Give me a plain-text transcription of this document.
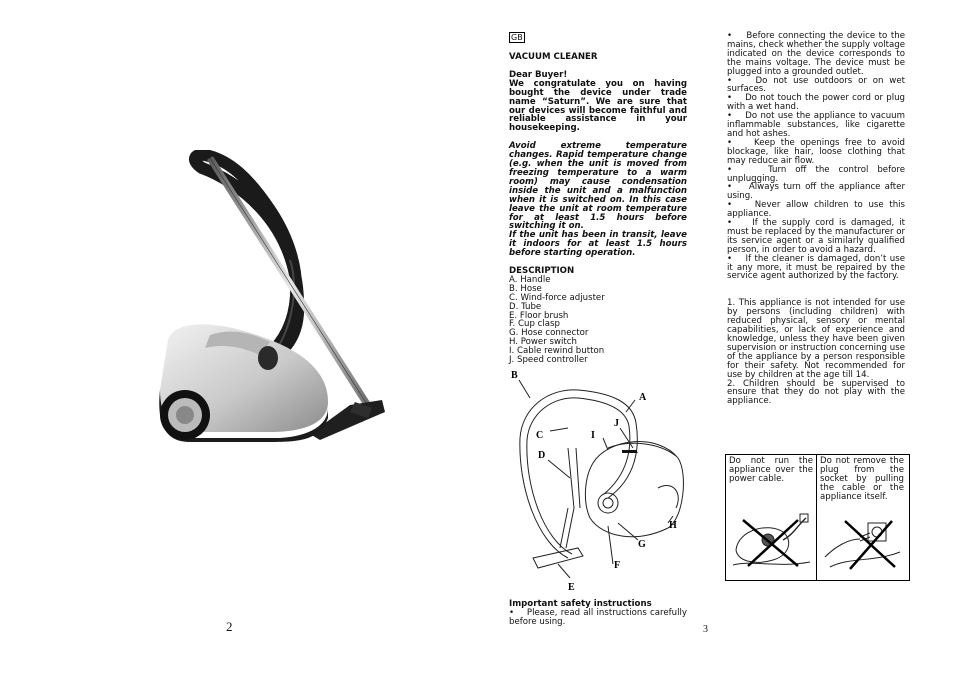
2
GB

VACUUM CLEANER

Dear Buyer!

We congratulate you on having bought the device under trade name “Saturn”. We are sure that our devices will become faithful and reliable assistance in your housekeeping.

Avoid extreme temperature changes. Rapid temperature change (e.g. when the unit is moved from freezing temperature to a warm room) may cause condensation inside the unit and a malfunction when it is switched on. In this case leave the unit at room temperature for at least 1.5 hours before switching it on.

If the unit has been in transit, leave it indoors for at least 1.5 hours before starting operation.

DESCRIPTION

A. Handle

B. Hose

C. Wind-force adjuster

D. Tube

E. Floor brush

F. Cup clasp

G. Hose connector

H. Power switch

I. Cable rewind button

J. Speed controller

B
A
C	I
J
D
H
G
F
E

Important safety instructions

•    Please, read all instructions carefully before using.

3

•    Before connecting the device to the mains, check whether the supply voltage indicated on the device corresponds to the mains voltage. The device must be plugged into a grounded outlet.

•    Do not use outdoors or on wet surfaces.

•    Do not touch the power cord or plug with a wet hand.

•    Do not use the appliance to vacuum inflammable substances, like cigarette and hot ashes.

•    Keep the openings free to avoid blockage, like hair, loose clothing that may reduce air flow.

•    Turn off the control before unplugging.

•    Always turn off the appliance after using.

•    Never allow children to use this appliance.

•    If the supply cord is damaged, it must be replaced by the manufacturer or its service agent or a similarly qualified person, in order to avoid a hazard.

•    If the cleaner is damaged, don’t use it any more, it must be repaired by the service agent authorized by the factory.

1. This appliance is not intended for use by persons (including children) with reduced physical, sensory or mental capabilities, or lack of experience and knowledge, unless they have been given supervision or instruction concerning use of the appliance by a person responsible for their safety. Not recommended for use by children at the age till 14.

2. Children should be supervised to ensure that they do not play with the appliance.

Do not run the appliance over the power cable.
Do not remove the plug from the socket by pulling the cable or the appliance itself.
